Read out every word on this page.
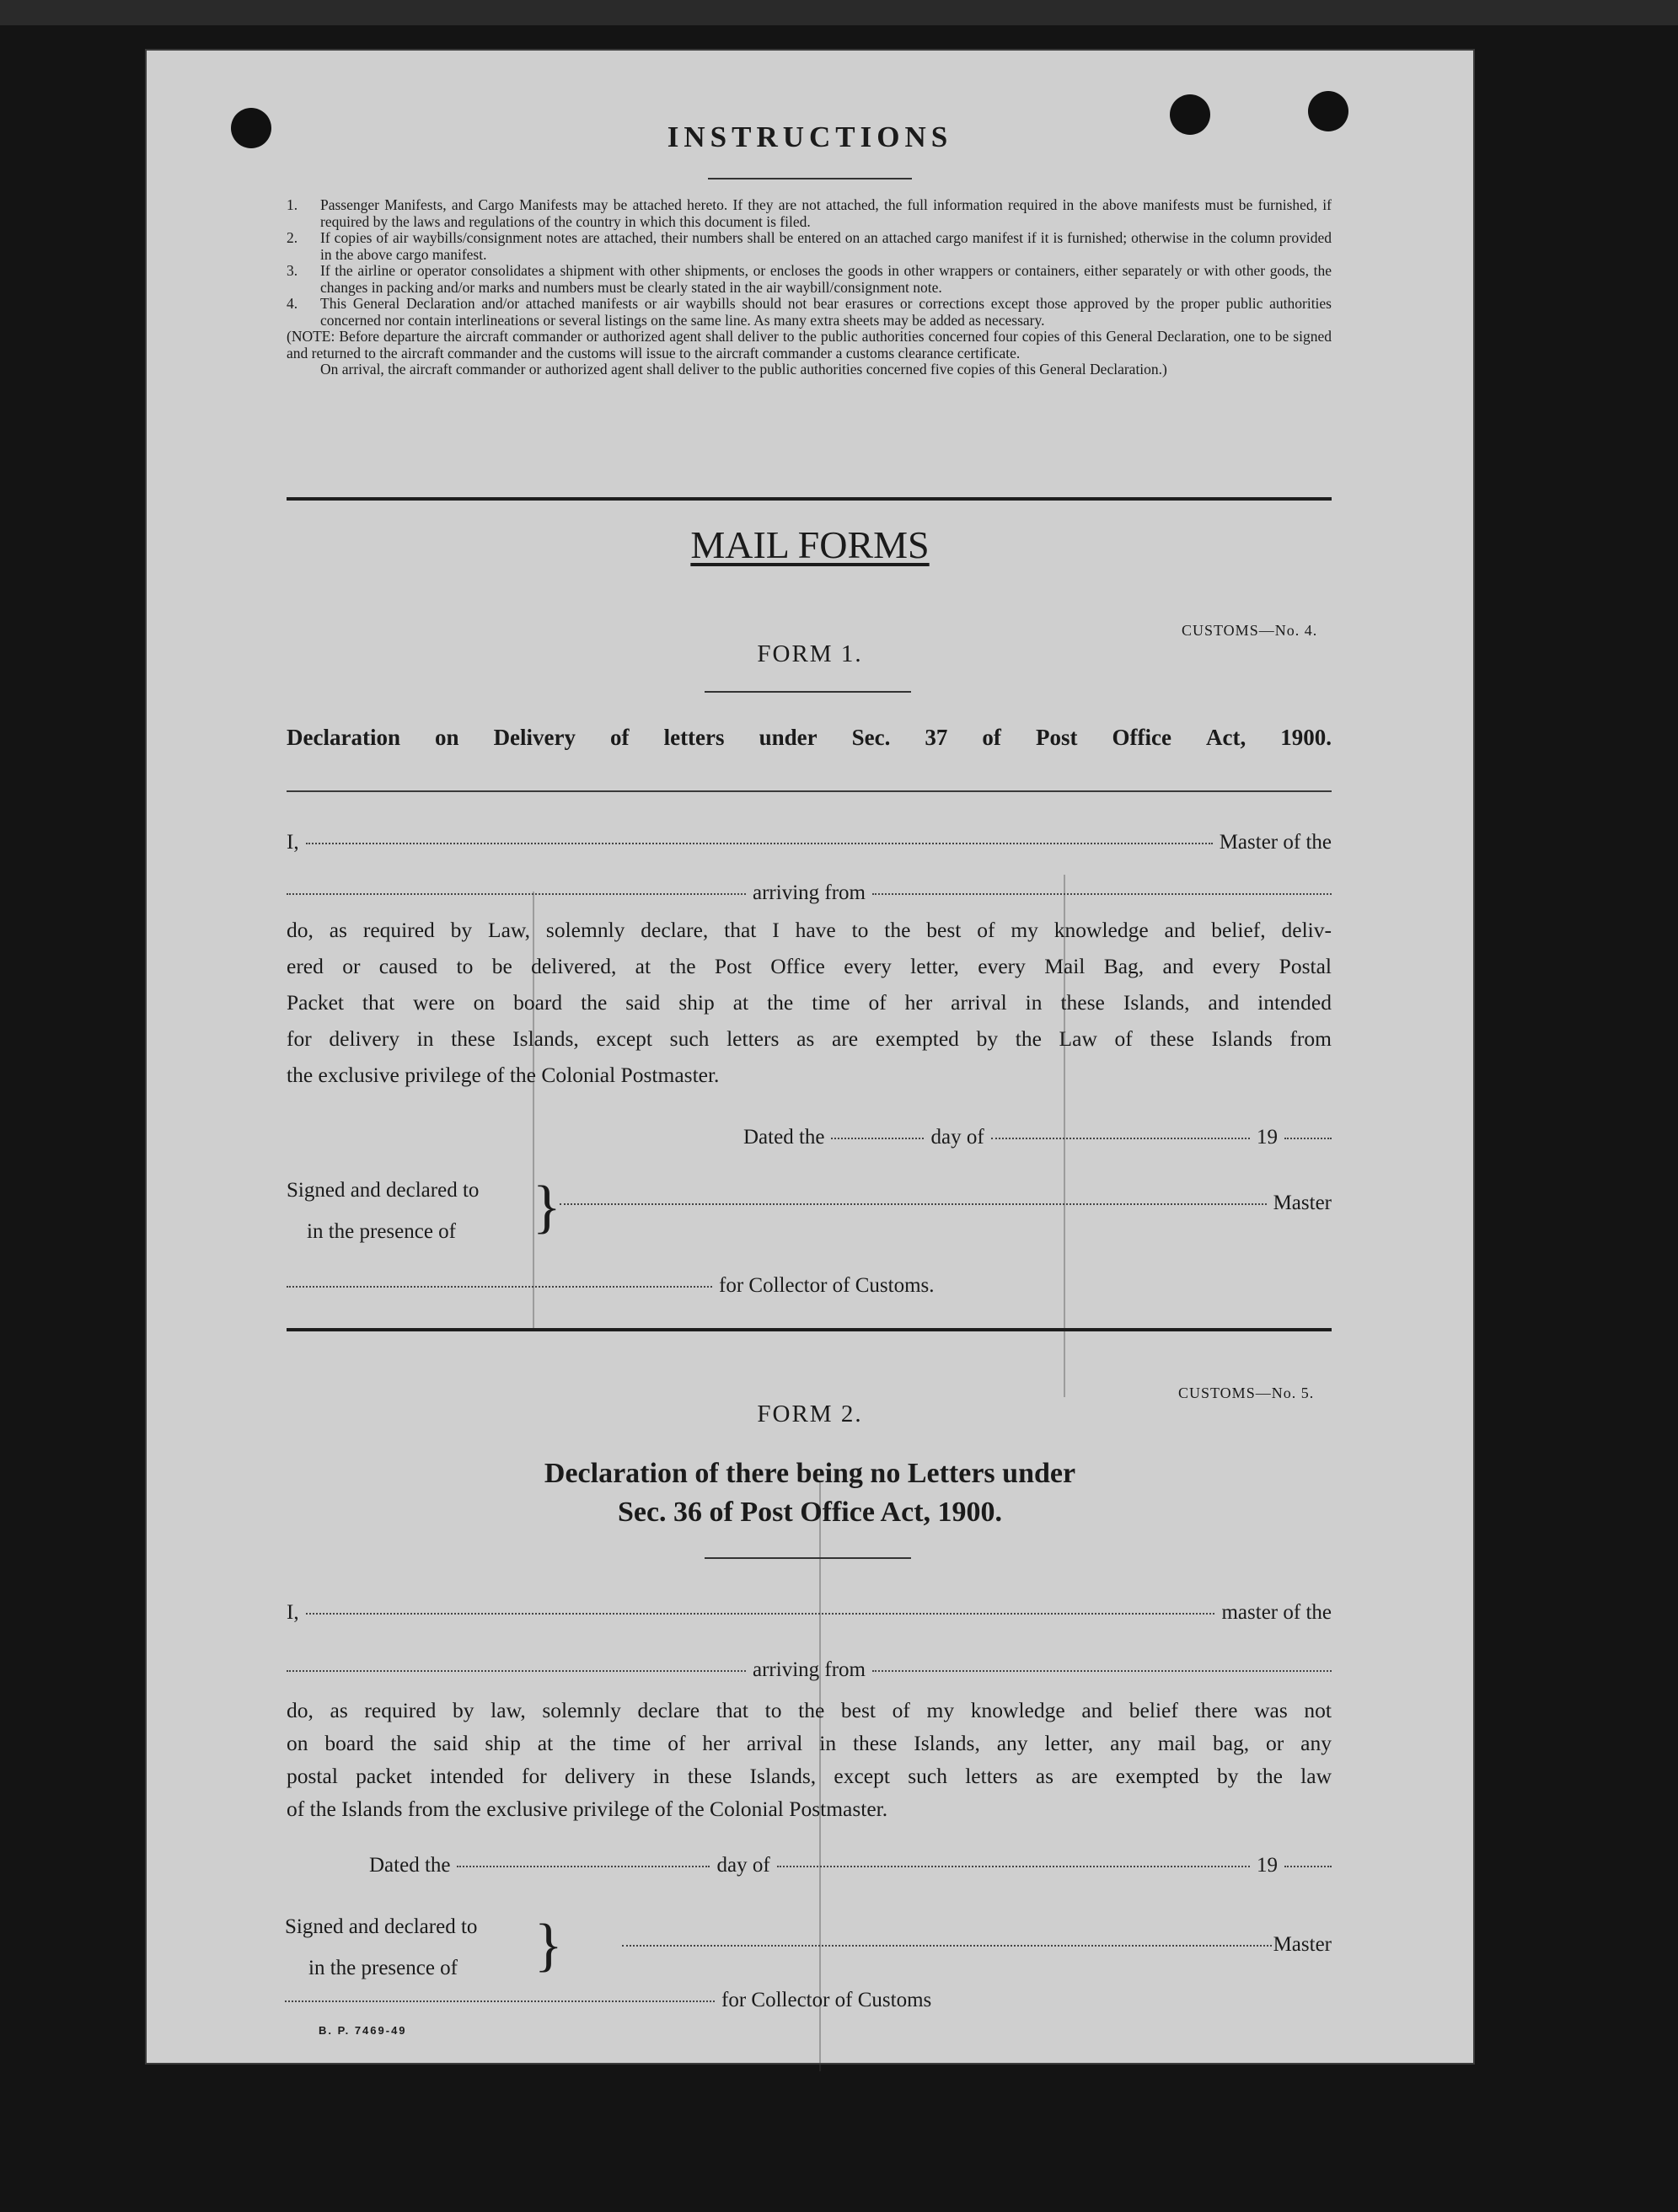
INSTRUCTIONS
1.	Passenger Manifests, and Cargo Manifests may be attached hereto. If they are not attached, the full information required in the above manifests must be furnished, if required by the laws and regulations of the country in which this document is filed.
2.	If copies of air waybills/consignment notes are attached, their numbers shall be entered on an attached cargo manifest if it is furnished; otherwise in the column provided in the above cargo manifest.
3.	If the airline or operator consolidates a shipment with other shipments, or encloses the goods in other wrappers or containers, either separately or with other goods, the changes in packing and/or marks and numbers must be clearly stated in the air waybill/consignment note.
4.	This General Declaration and/or attached manifests or air waybills should not bear erasures or corrections except those approved by the proper public authorities concerned nor contain interlineations or several listings on the same line. As many extra sheets may be added as necessary.
(NOTE: Before departure the aircraft commander or authorized agent shall deliver to the public authorities concerned four copies of this General Declaration, one to be signed and returned to the aircraft commander and the customs will issue to the aircraft commander a customs clearance certificate.
On arrival, the aircraft commander or authorized agent shall deliver to the public authorities concerned five copies of this General Declaration.)
MAIL FORMS
CUSTOMS—No. 4.
FORM 1.
Declaration on Delivery of letters under Sec. 37 of Post Office Act, 1900.
I,	Master of the
arriving from
do, as required by Law, solemnly declare, that I have to the best of my knowledge and belief, deliv-
ered or caused to be delivered, at the Post Office every letter, every Mail Bag, and every Postal
Packet that were on board the said ship at the time of her arrival in these Islands, and intended
for delivery in these Islands, except such letters as are exempted by the Law of these Islands from
the exclusive privilege of the Colonial Postmaster.
Dated the	day of	19
Signed and declared to
in the presence of	}	Master
for Collector of Customs.
CUSTOMS—No. 5.
FORM 2.
Declaration of there being no Letters under
Sec. 36 of Post Office Act, 1900.
I,	master of the
arriving from
do, as required by law, solemnly declare that to the best of my knowledge and belief there was not
on board the said ship at the time of her arrival in these Islands, any letter, any mail bag, or any
postal packet intended for delivery in these Islands, except such letters as are exempted by the law
of the Islands from the exclusive privilege of the Colonial Postmaster.
Dated the	day of	19
Signed and declared to
in the presence of	}	Master
for Collector of Customs
B. P. 7469-49
